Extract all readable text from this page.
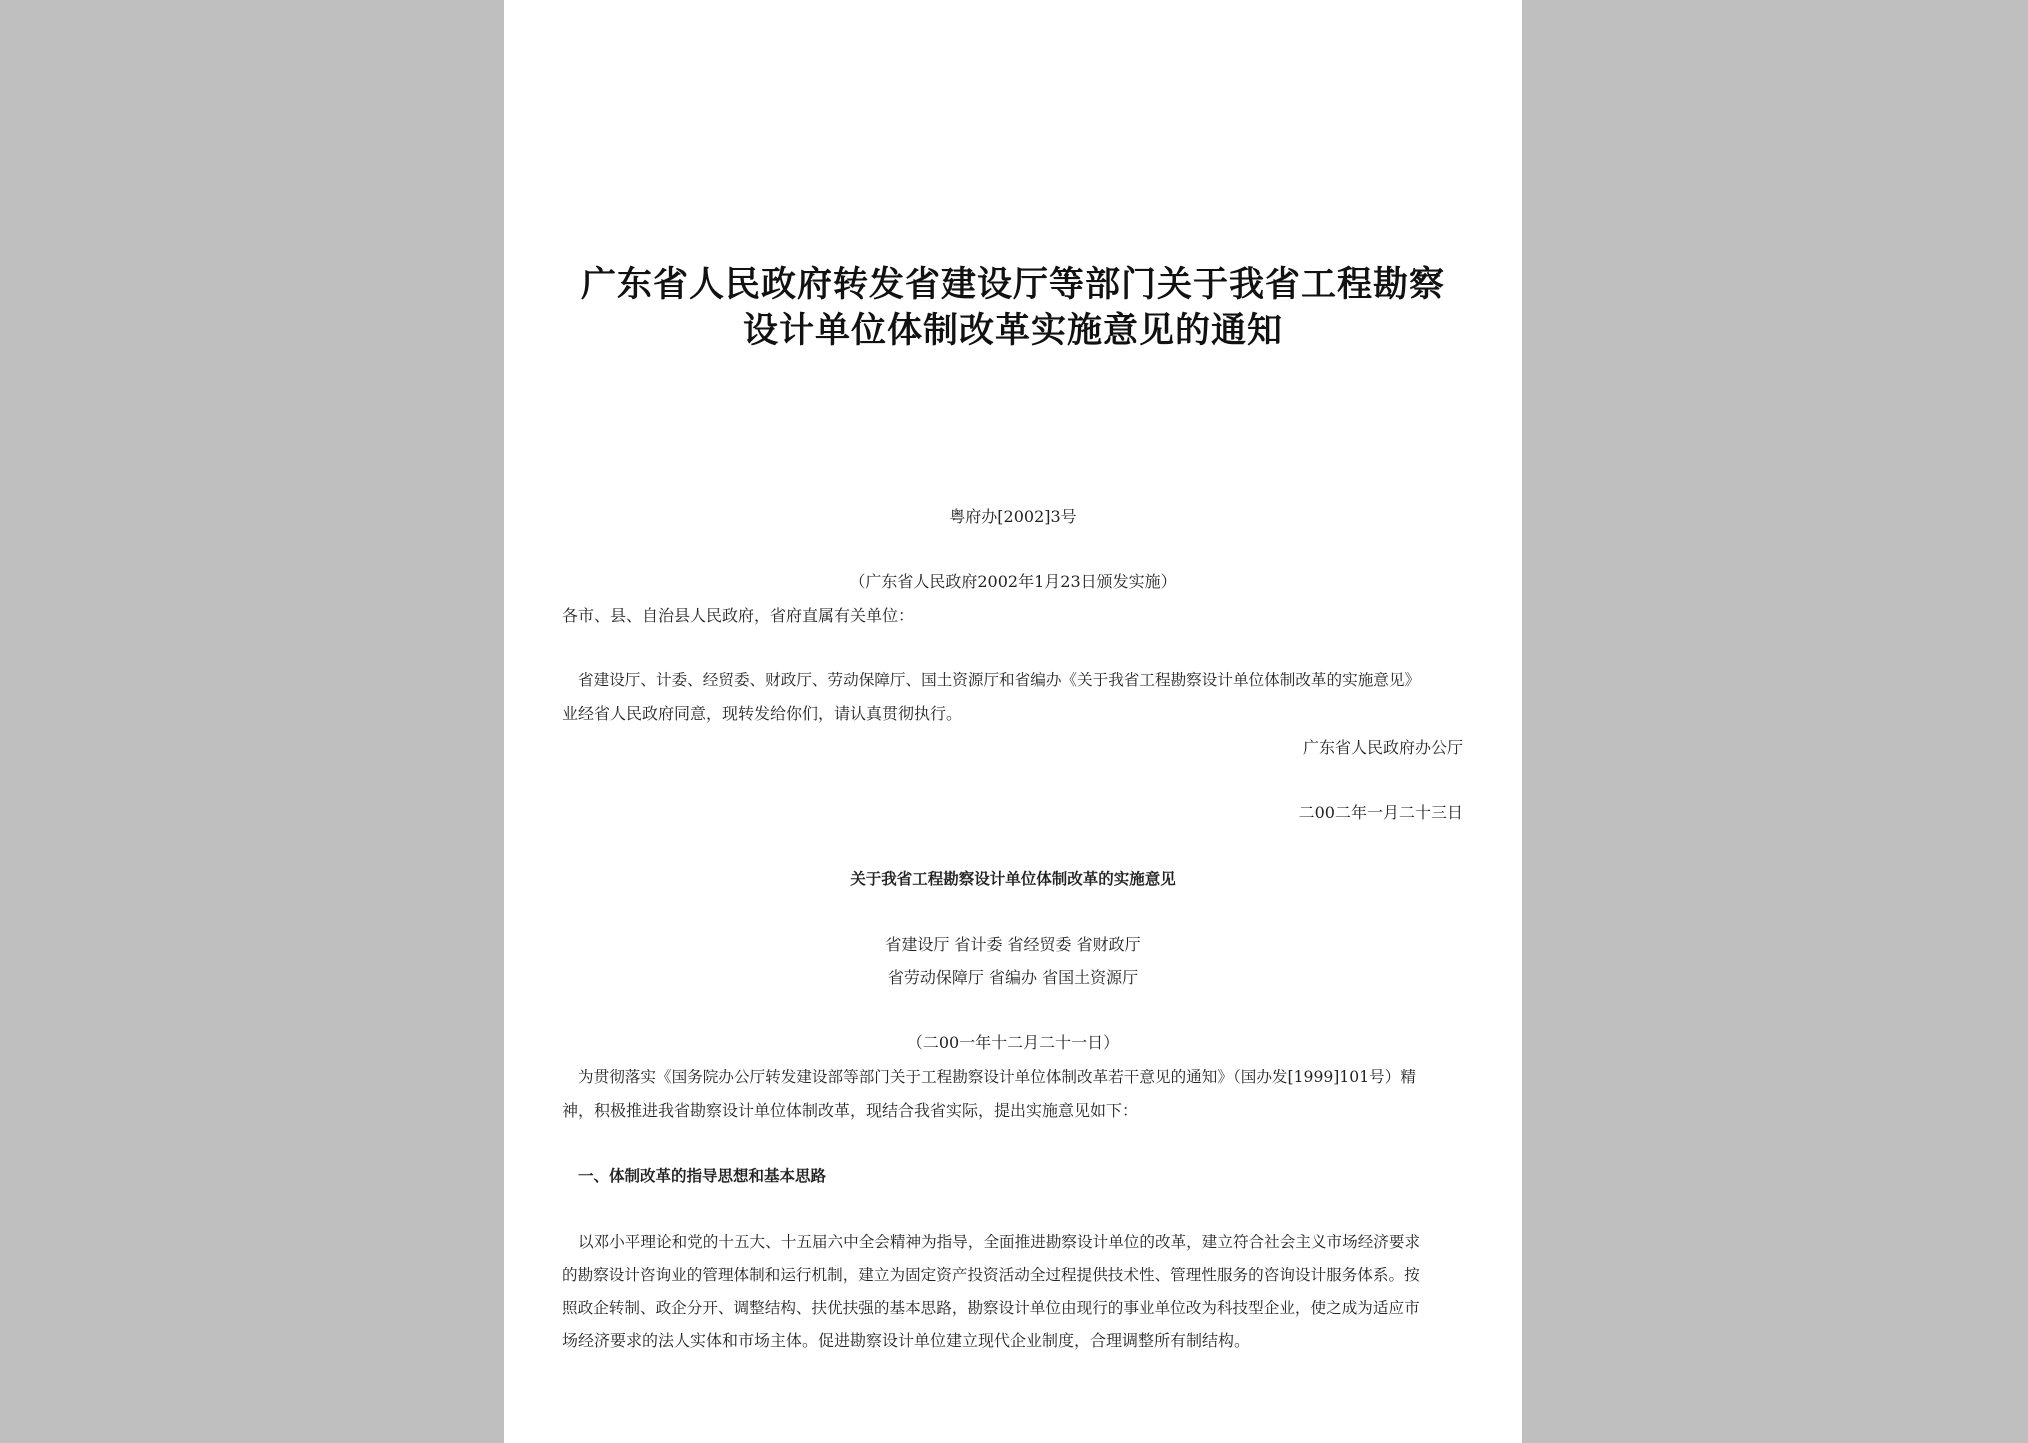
广东省人民政府转发省建设厅等部门关于我省工程勘察
设计单位体制改革实施意见的通知
粤府办[2002]3号
（广东省人民政府2002年1月23日颁发实施）
各市、县、自治县人民政府，省府直属有关单位：
省建设厅、计委、经贸委、财政厅、劳动保障厅、国土资源厅和省编办《关于我省工程勘察设计单位体制改革的实施意见》
业经省人民政府同意，现转发给你们，请认真贯彻执行。
广东省人民政府办公厅
二00二年一月二十三日
关于我省工程勘察设计单位体制改革的实施意见
省建设厅 省计委 省经贸委 省财政厅
省劳动保障厅 省编办 省国土资源厅
（二00一年十二月二十一日）
为贯彻落实《国务院办公厅转发建设部等部门关于工程勘察设计单位体制改革若干意见的通知》（国办发[1999]101号）精
神，积极推进我省勘察设计单位体制改革，现结合我省实际，提出实施意见如下：
一、体制改革的指导思想和基本思路
以邓小平理论和党的十五大、十五届六中全会精神为指导，全面推进勘察设计单位的改革，建立符合社会主义市场经济要求
的勘察设计咨询业的管理体制和运行机制，建立为固定资产投资活动全过程提供技术性、管理性服务的咨询设计服务体系。按
照政企转制、政企分开、调整结构、扶优扶强的基本思路，勘察设计单位由现行的事业单位改为科技型企业，使之成为适应市
场经济要求的法人实体和市场主体。促进勘察设计单位建立现代企业制度，合理调整所有制结构。
